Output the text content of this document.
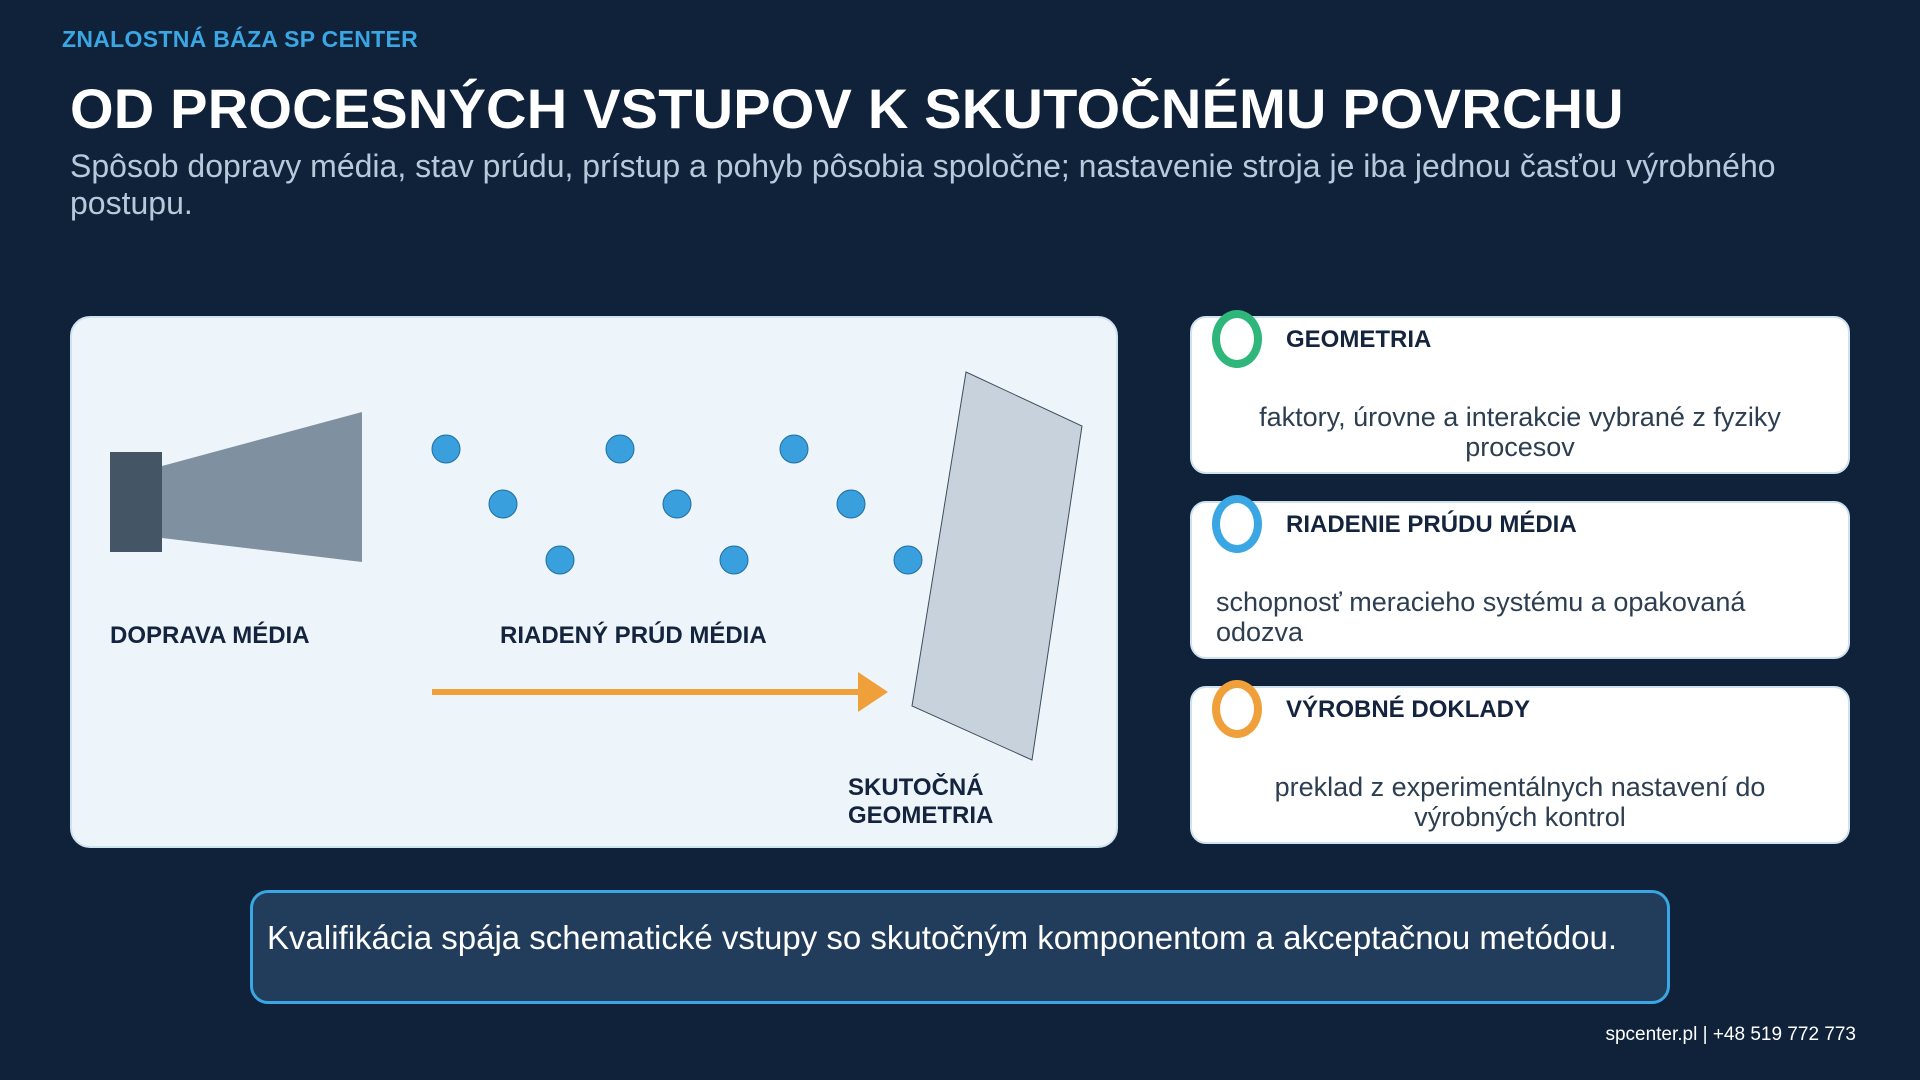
ZNALOSTNÁ BÁZA SP CENTER
OD PROCESNÝCH VSTUPOV K SKUTOČNÉMU POVRCHU
Spôsob dopravy média, stav prúdu, prístup a pohyb pôsobia spoločne; nastavenie stroja je iba jednou časťou výrobného postupu.
DOPRAVA MÉDIA	RIADENÝ PRÚD MÉDIA
SKUTOČNÁ
GEOMETRIA
GEOMETRIA
faktory, úrovne a interakcie vybrané z fyziky procesov
RIADENIE PRÚDU MÉDIA
schopnosť meracieho systému a opakovaná odozva
VÝROBNÉ DOKLADY
preklad z experimentálnych nastavení do výrobných kontrol
Kvalifikácia spája schematické vstupy so skutočným komponentom a akceptačnou metódou.
spcenter.pl | +48 519 772 773
